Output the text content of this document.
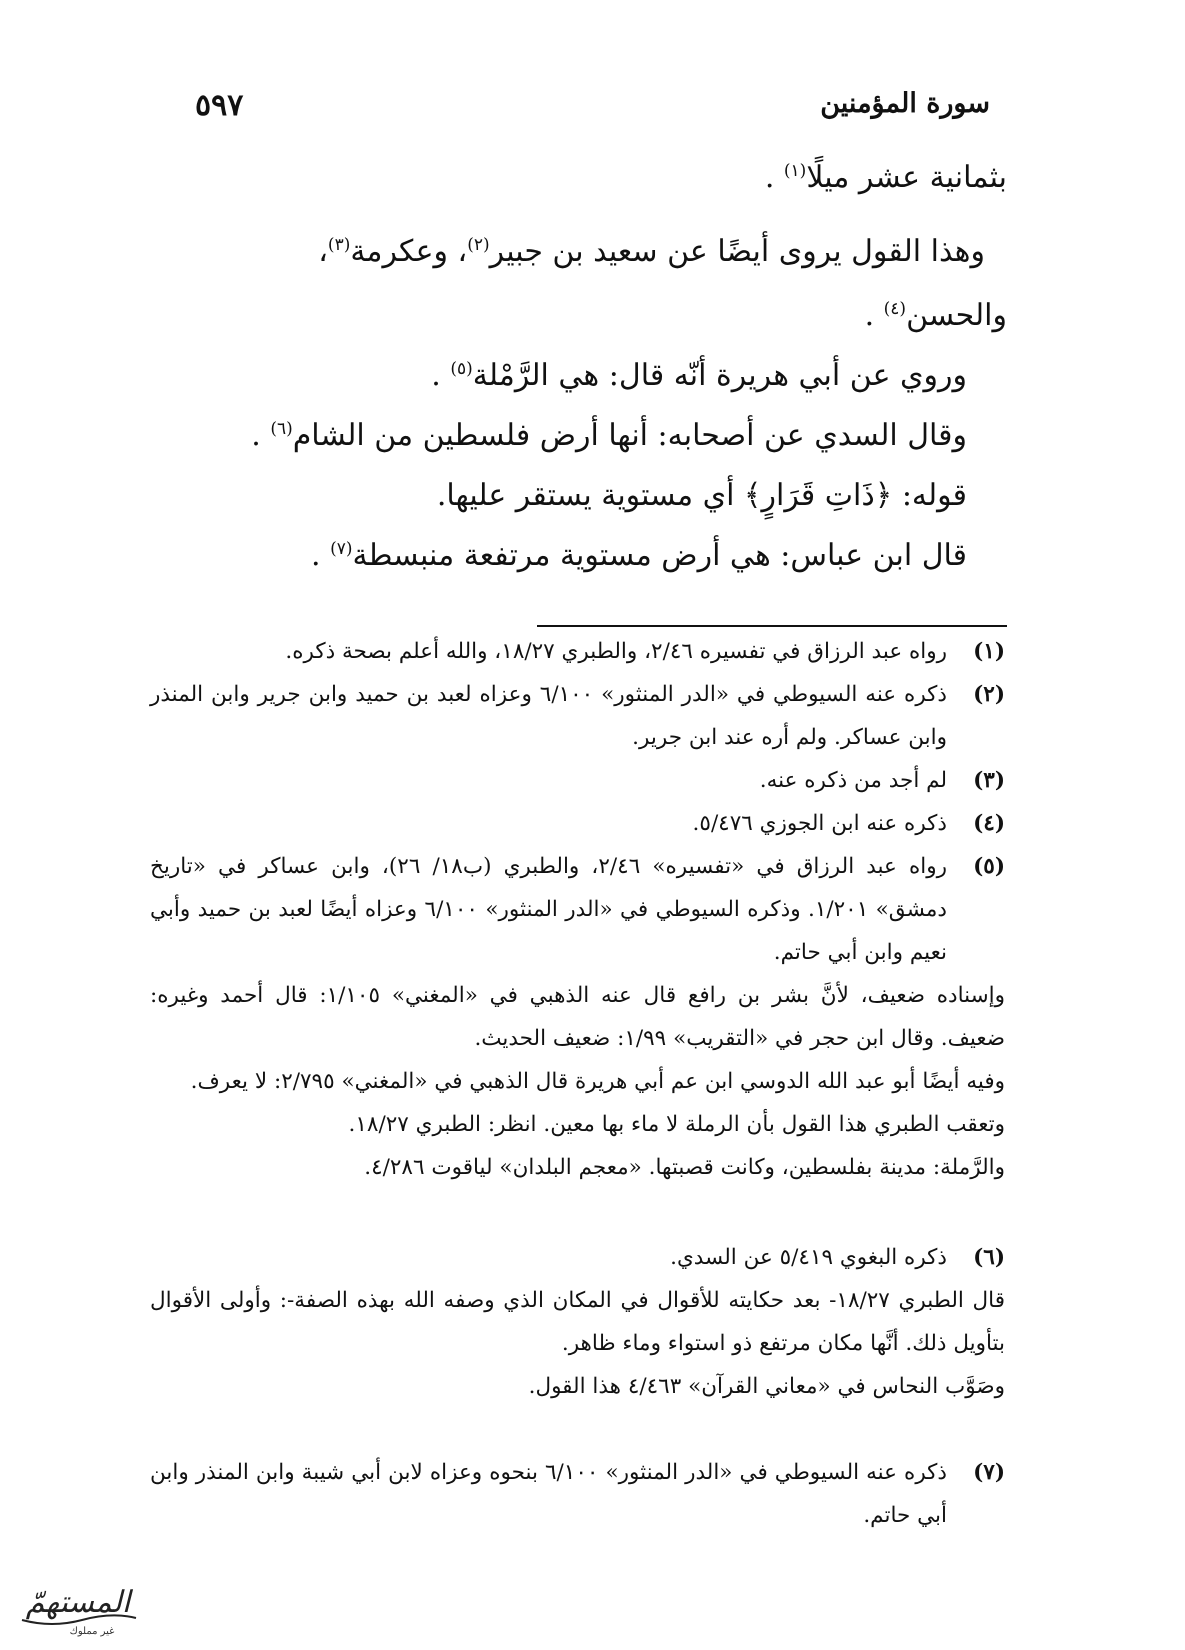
سورة المؤمنين
٥٩٧
بثمانية عشر ميلًا$^{(١)}$ .
وهذا القول يروى أيضًا عن سعيد بن جبير$^{(٢)}$، وعكرمة$^{(٣)}$،
والحسن$^{(٤)}$ .
وروي عن أبي هريرة أنّه قال: هي الرَّمْلة$^{(٥)}$ .
وقال السدي عن أصحابه: أنها أرض فلسطين من الشام$^{(٦)}$ .
قوله: ﴿ذَاتِ قَرَارٍ﴾ أي مستوية يستقر عليها.
قال ابن عباس: هي أرض مستوية مرتفعة منبسطة$^{(٧)}$ .
(١)
رواه عبد الرزاق في تفسيره ٢/٤٦، والطبري ١٨/٢٧، والله أعلم بصحة ذكره.
(٢)
ذكره عنه السيوطي في «الدر المنثور» ٦/١٠٠ وعزاه لعبد بن حميد وابن جرير وابن المنذر وابن عساكر. ولم أره عند ابن جرير.
(٣)
لم أجد من ذكره عنه.
(٤)
ذكره عنه ابن الجوزي ٥/٤٧٦.
(٥)
رواه عبد الرزاق في «تفسيره» ٢/٤٦، والطبري (ب١٨/ ٢٦)، وابن عساكر في «تاريخ دمشق» ١/٢٠١. وذكره السيوطي في «الدر المنثور» ٦/١٠٠ وعزاه أيضًا لعبد بن حميد وأبي نعيم وابن أبي حاتم.
وإسناده ضعيف، لأنَّ بشر بن رافع قال عنه الذهبي في «المغني» ١/١٠٥: قال أحمد وغيره: ضعيف. وقال ابن حجر في «التقريب» ١/٩٩: ضعيف الحديث.
وفيه أيضًا أبو عبد الله الدوسي ابن عم أبي هريرة قال الذهبي في «المغني» ٢/٧٩٥: لا يعرف.
وتعقب الطبري هذا القول بأن الرملة لا ماء بها معين. انظر: الطبري ١٨/٢٧.
والرَّملة: مدينة بفلسطين، وكانت قصبتها. «معجم البلدان» لياقوت ٤/٢٨٦.
(٦)
ذكره البغوي ٥/٤١٩ عن السدي.
قال الطبري ١٨/٢٧- بعد حكايته للأقوال في المكان الذي وصفه الله بهذه الصفة-: وأولى الأقوال بتأويل ذلك. أنَّها مكان مرتفع ذو استواء وماء ظاهر.
وصَوَّب النحاس في «معاني القرآن» ٤/٤٦٣ هذا القول.
(٧)
ذكره عنه السيوطي في «الدر المنثور» ٦/١٠٠ بنحوه وعزاه لابن أبي شيبة وابن المنذر وابن أبي حاتم.
المستهمّ
غير مملوك
